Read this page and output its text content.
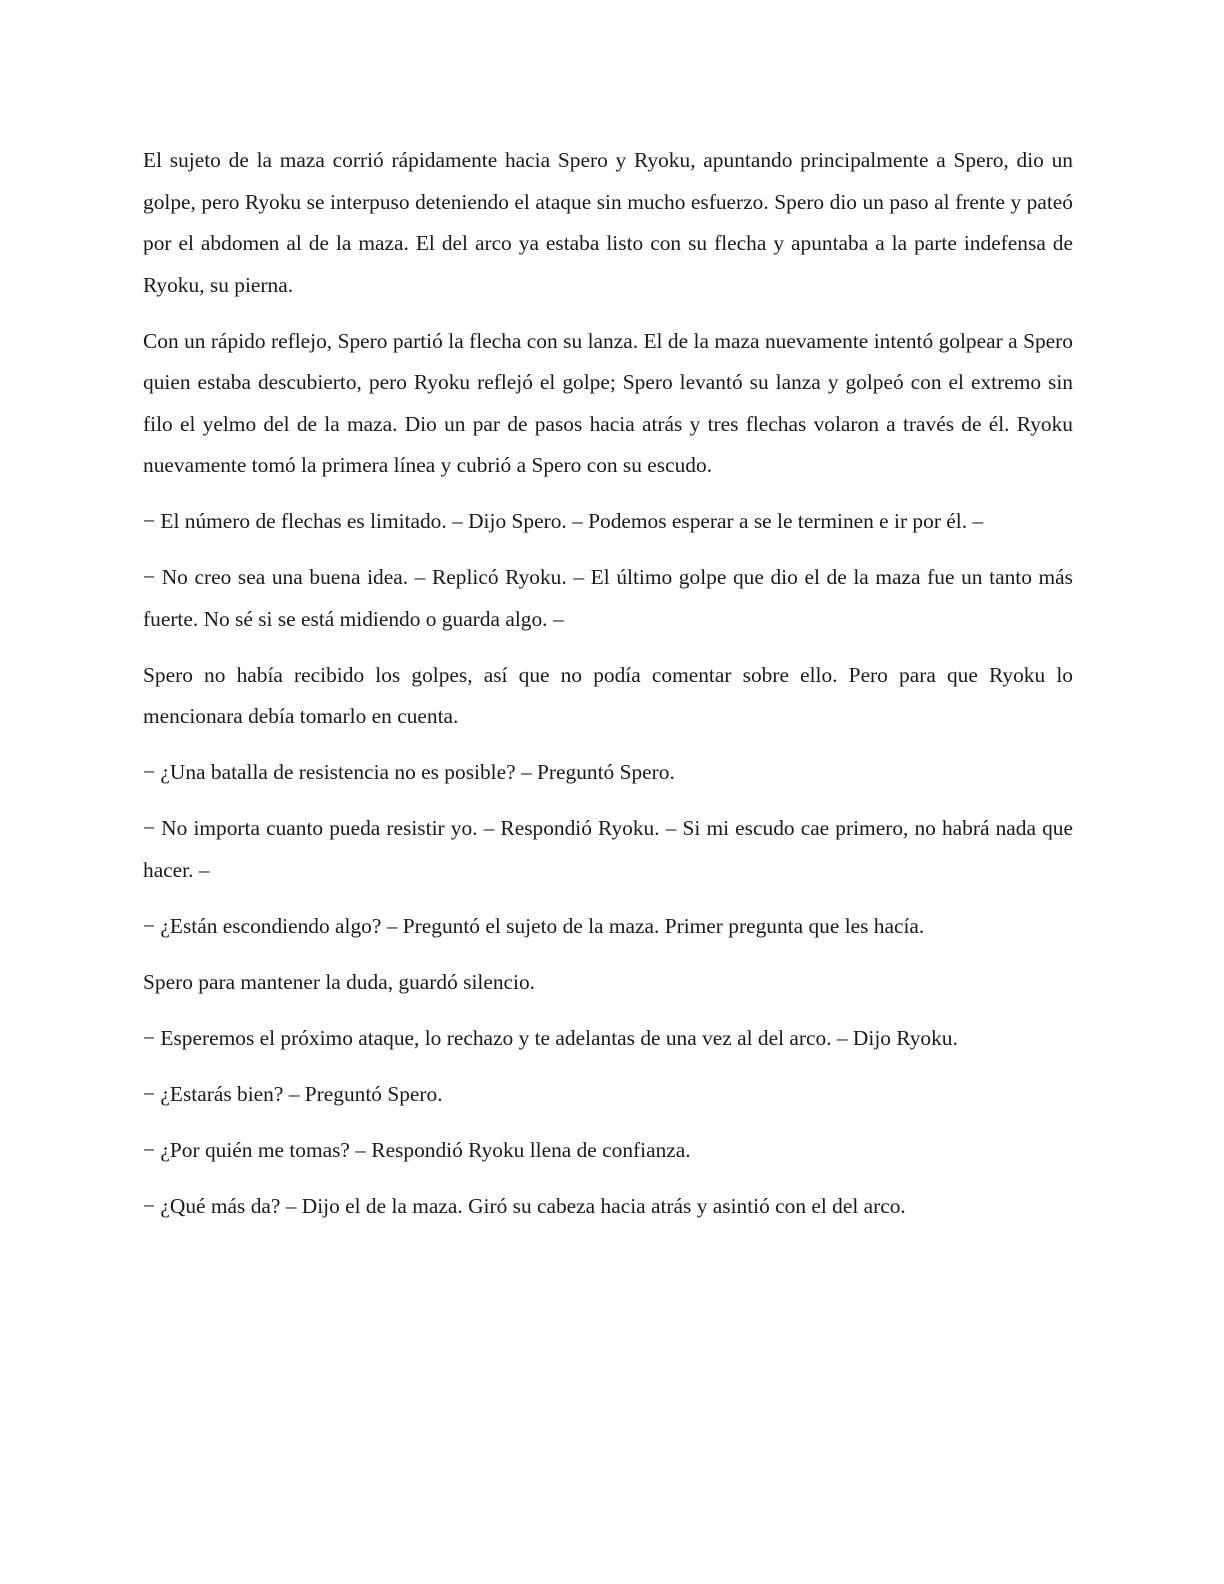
El sujeto de la maza corrió rápidamente hacia Spero y Ryoku, apuntando principalmente a Spero, dio un golpe, pero Ryoku se interpuso deteniendo el ataque sin mucho esfuerzo. Spero dio un paso al frente y pateó por el abdomen al de la maza. El del arco ya estaba listo con su flecha y apuntaba a la parte indefensa de Ryoku, su pierna.

Con un rápido reflejo, Spero partió la flecha con su lanza. El de la maza nuevamente intentó golpear a Spero quien estaba descubierto, pero Ryoku reflejó el golpe; Spero levantó su lanza y golpeó con el extremo sin filo el yelmo del de la maza. Dio un par de pasos hacia atrás y tres flechas volaron a través de él. Ryoku nuevamente tomó la primera línea y cubrió a Spero con su escudo.

− El número de flechas es limitado. – Dijo Spero. – Podemos esperar a se le terminen e ir por él. –

− No creo sea una buena idea. – Replicó Ryoku. – El último golpe que dio el de la maza fue un tanto más fuerte. No sé si se está midiendo o guarda algo. –

Spero no había recibido los golpes, así que no podía comentar sobre ello. Pero para que Ryoku lo mencionara debía tomarlo en cuenta.

− ¿Una batalla de resistencia no es posible? – Preguntó Spero.

− No importa cuanto pueda resistir yo. – Respondió Ryoku. – Si mi escudo cae primero, no habrá nada que hacer. –

− ¿Están escondiendo algo? – Preguntó el sujeto de la maza. Primer pregunta que les hacía.

Spero para mantener la duda, guardó silencio.

− Esperemos el próximo ataque, lo rechazo y te adelantas de una vez al del arco. – Dijo Ryoku.

− ¿Estarás bien? – Preguntó Spero.

− ¿Por quién me tomas? – Respondió Ryoku llena de confianza.

− ¿Qué más da? – Dijo el de la maza. Giró su cabeza hacia atrás y asintió con el del arco.
